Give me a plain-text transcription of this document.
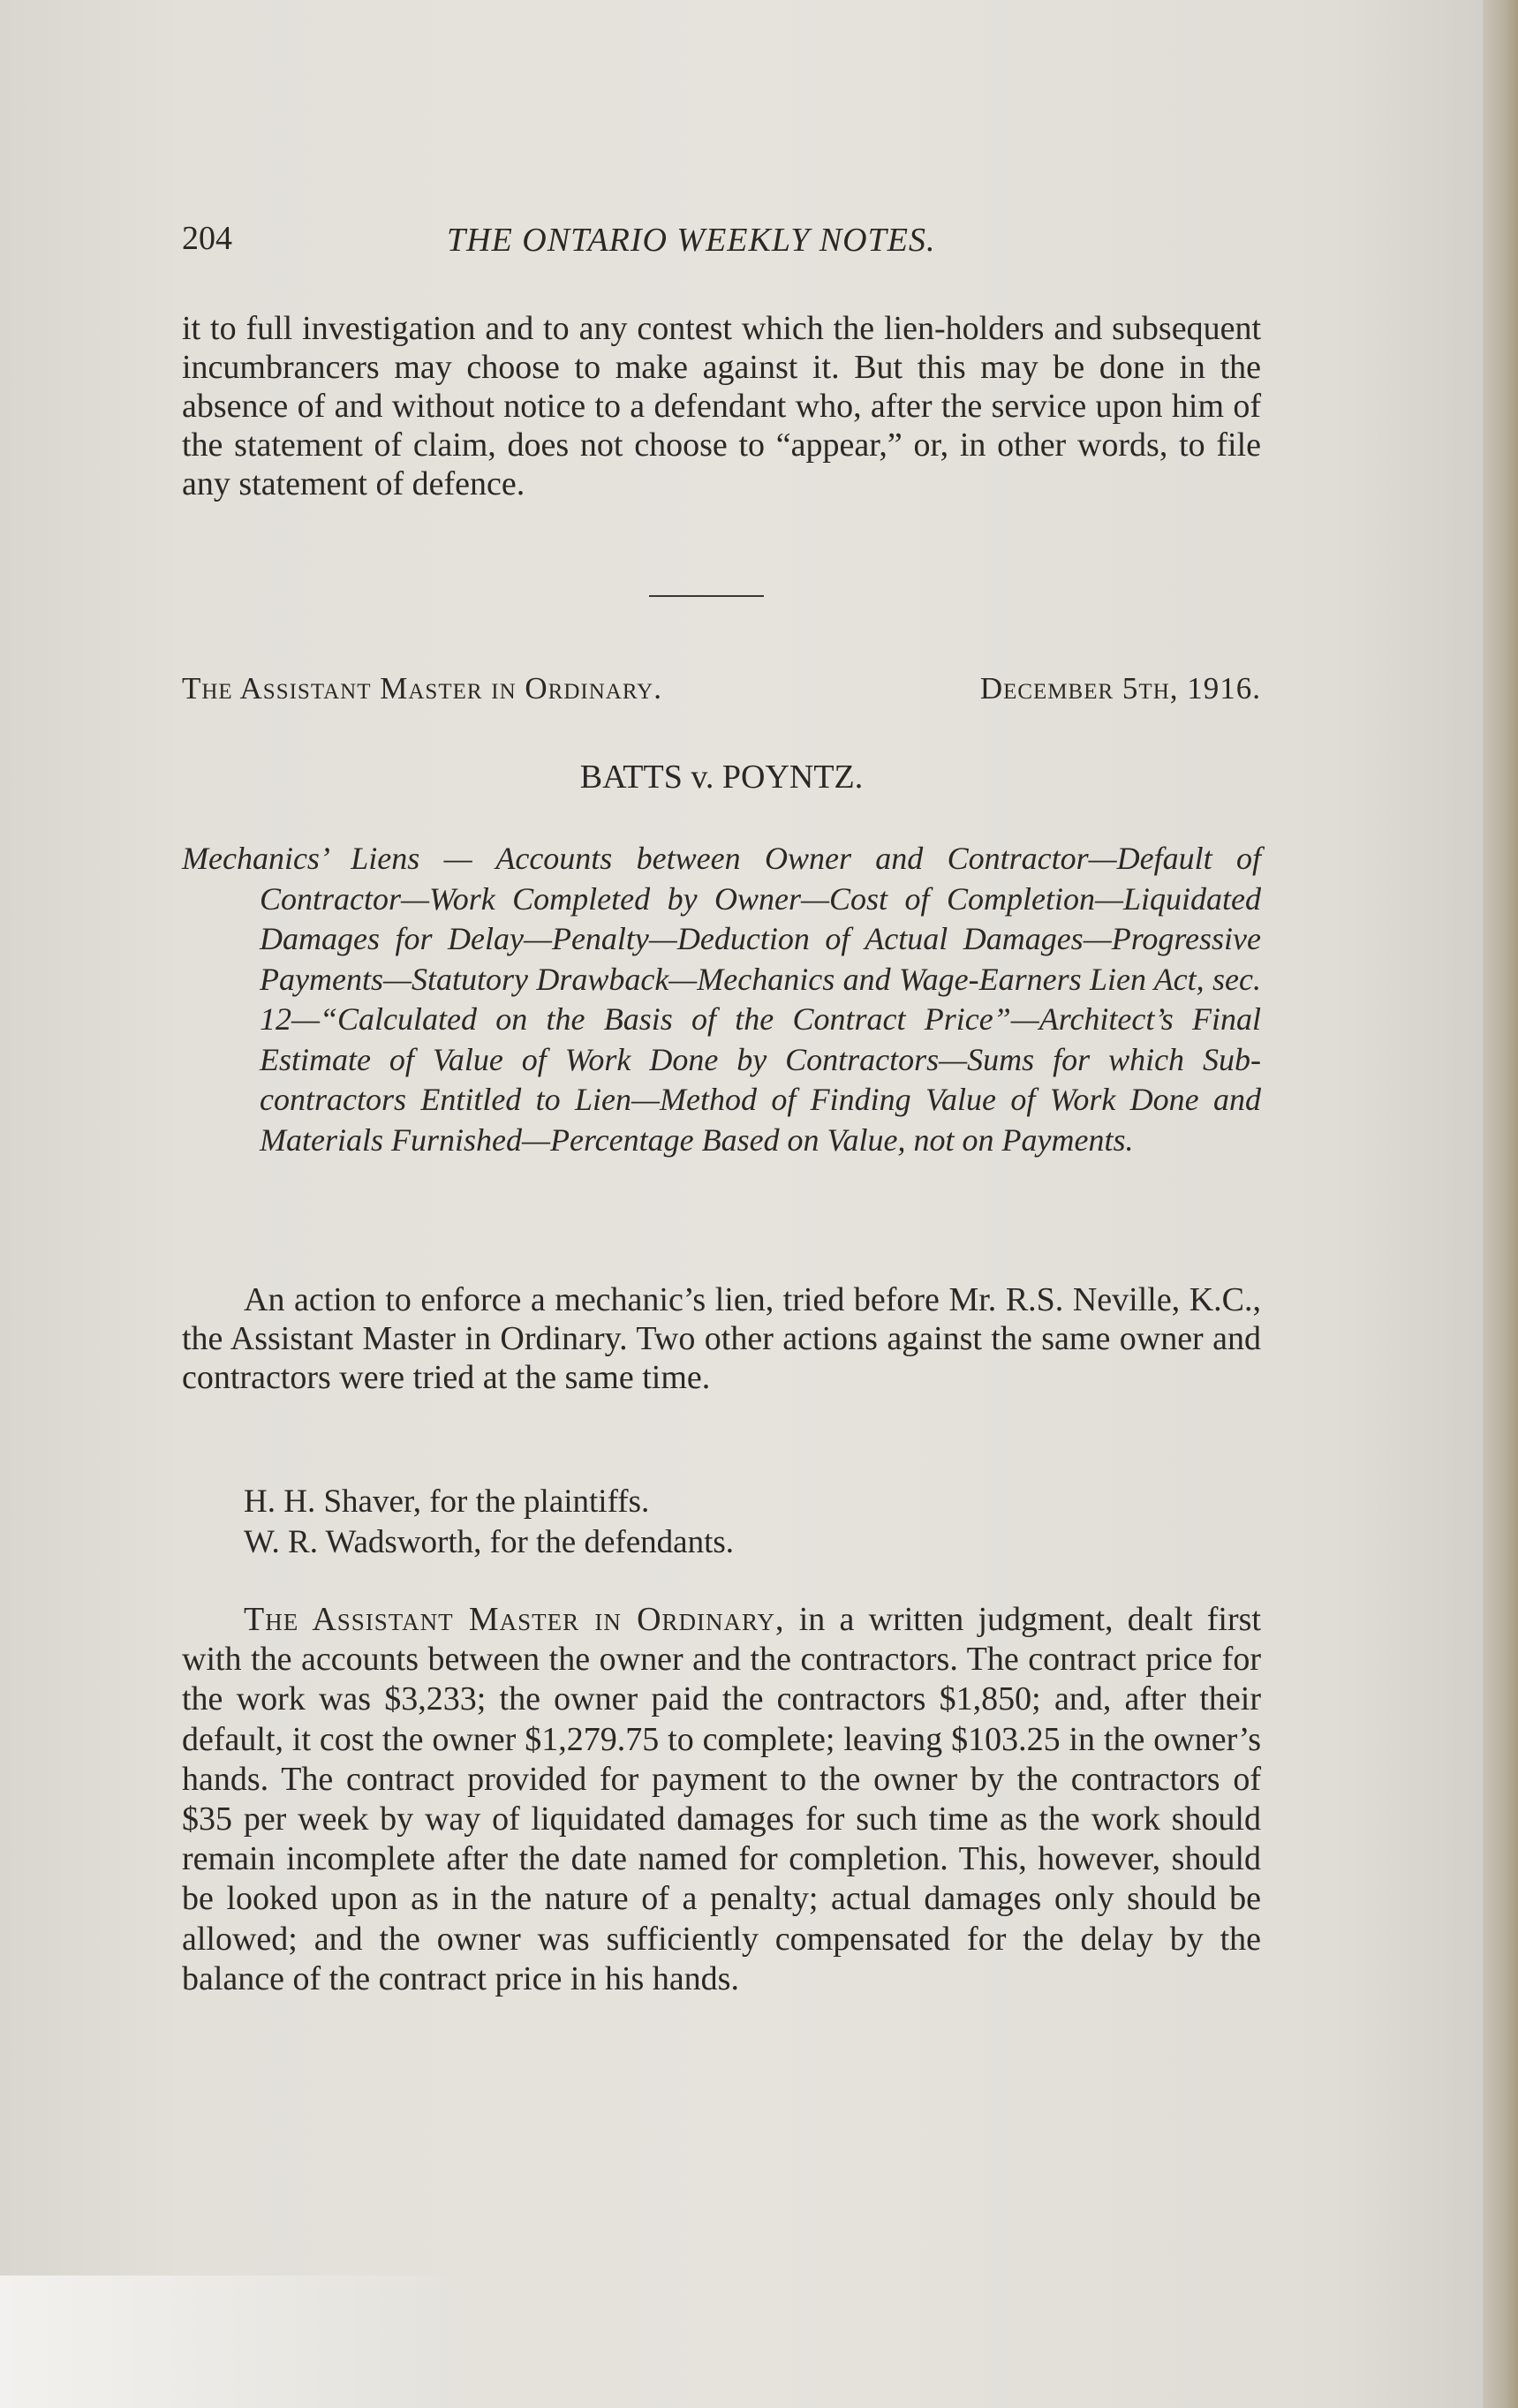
204	THE ONTARIO WEEKLY NOTES.
it to full investigation and to any contest which the lien-holders and subsequent incumbrancers may choose to make against it. But this may be done in the absence of and without notice to a defendant who, after the service upon him of the statement of claim, does not choose to “appear,” or, in other words, to file any statement of defence.
The Assistant Master in Ordinary.	December 5th, 1916.
BATTS v. POYNTZ.
Mechanics’ Liens — Accounts between Owner and Contractor—Default of Contractor—Work Completed by Owner—Cost of Completion—Liquidated Damages for Delay—Penalty—Deduction of Actual Damages—Progressive Payments—Statutory Drawback—Mechanics and Wage-Earners Lien Act, sec. 12—“Calculated on the Basis of the Contract Price”—Architect’s Final Estimate of Value of Work Done by Contractors—Sums for which Sub-contractors Entitled to Lien—Method of Finding Value of Work Done and Materials Furnished—Percentage Based on Value, not on Payments.
An action to enforce a mechanic’s lien, tried before Mr. R.S. Neville, K.C., the Assistant Master in Ordinary. Two other actions against the same owner and contractors were tried at the same time.
H. H. Shaver, for the plaintiffs.
W. R. Wadsworth, for the defendants.
The Assistant Master in Ordinary, in a written judgment, dealt first with the accounts between the owner and the contractors. The contract price for the work was $3,233; the owner paid the contractors $1,850; and, after their default, it cost the owner $1,279.75 to complete; leaving $103.25 in the owner’s hands. The contract provided for payment to the owner by the contractors of $35 per week by way of liquidated damages for such time as the work should remain incomplete after the date named for completion. This, however, should be looked upon as in the nature of a penalty; actual damages only should be allowed; and the owner was sufficiently compensated for the delay by the balance of the contract price in his hands.
